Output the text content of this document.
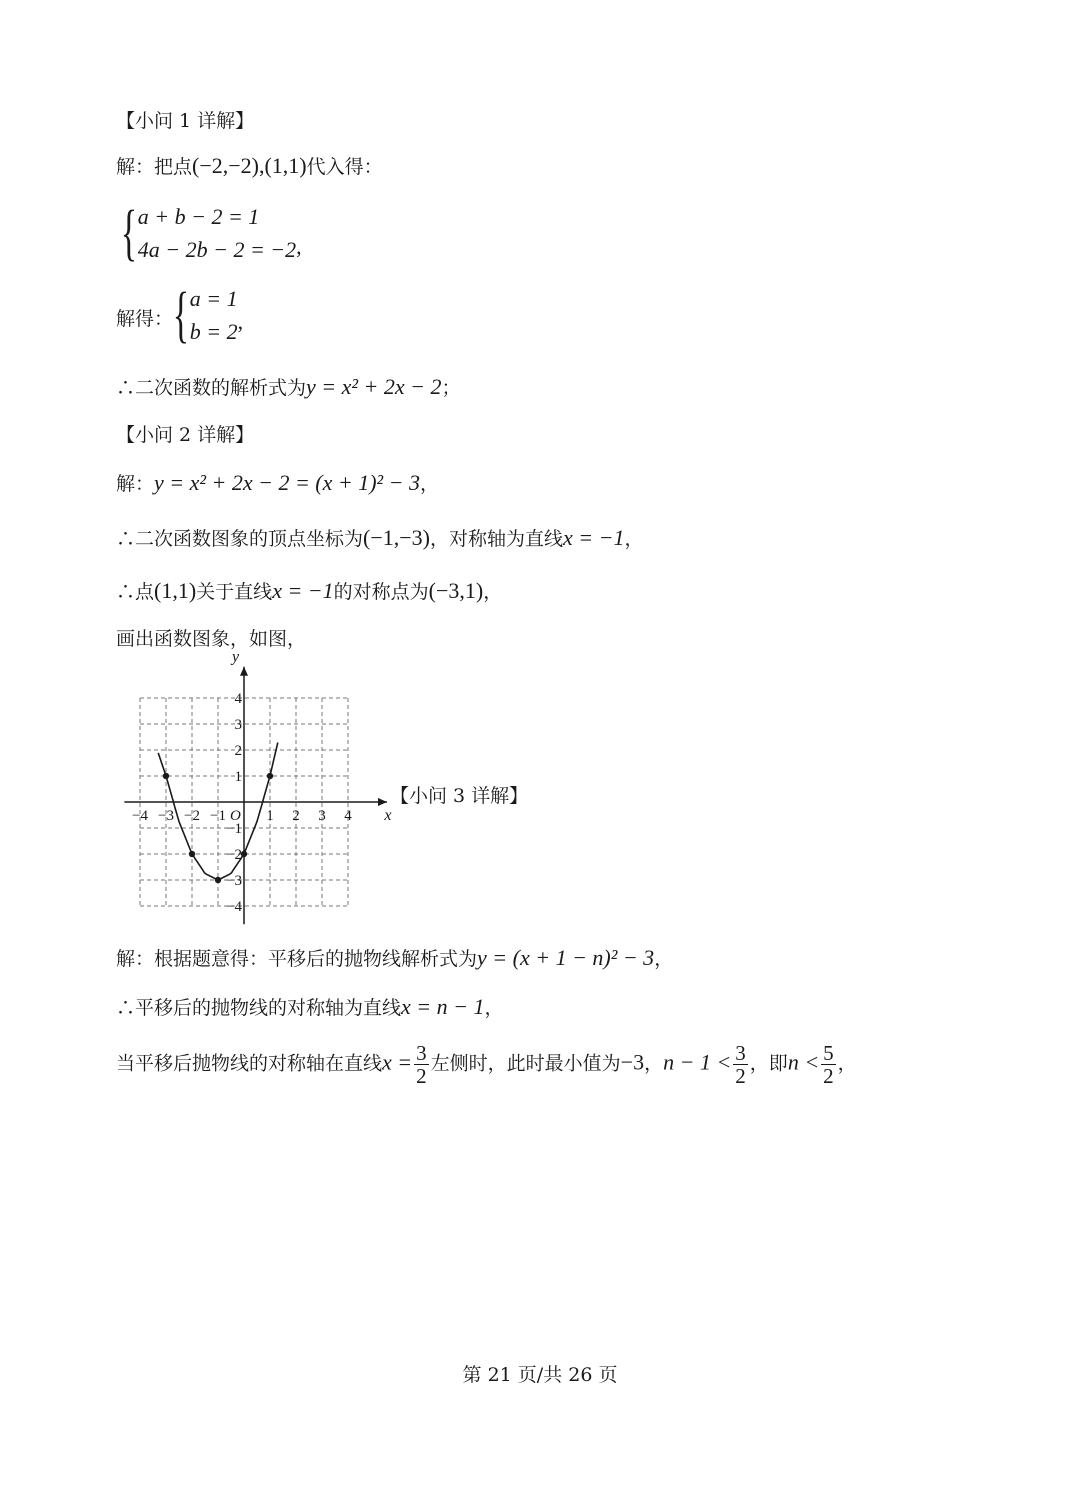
【小问 1 详解】
解：把点(−2,−2),(1,1)代入得：
{ a + b − 2 = 1
4a − 2b − 2 = −2 ,
解得： { a = 1
b = 2 ,
∴二次函数的解析式为y = x² + 2x − 2；
【小问 2 详解】
解：y = x² + 2x − 2 = (x + 1)² − 3，
∴二次函数图象的顶点坐标为(−1,−3)，对称轴为直线x = −1，
∴点(1,1)关于直线x = −1的对称点为(−3,1)，
画出函数图象，如图，
−4 −3 −2 −1	1 2 3 4
4
3
2
1
−1
−2
−3
−4
x
y
O
【小问 3 详解】
解：根据题意得：平移后的抛物线解析式为y = (x + 1 − n)² − 3，
∴平移后的抛物线的对称轴为直线x = n − 1，
当平移后抛物线的对称轴在直线$x = \frac{3}{2}$ 左侧时，此时最小值为−3，$n - 1 < \frac{3}{2}$ ，即$n < \frac{5}{2}$ ，
第 21 页/共 26 页
